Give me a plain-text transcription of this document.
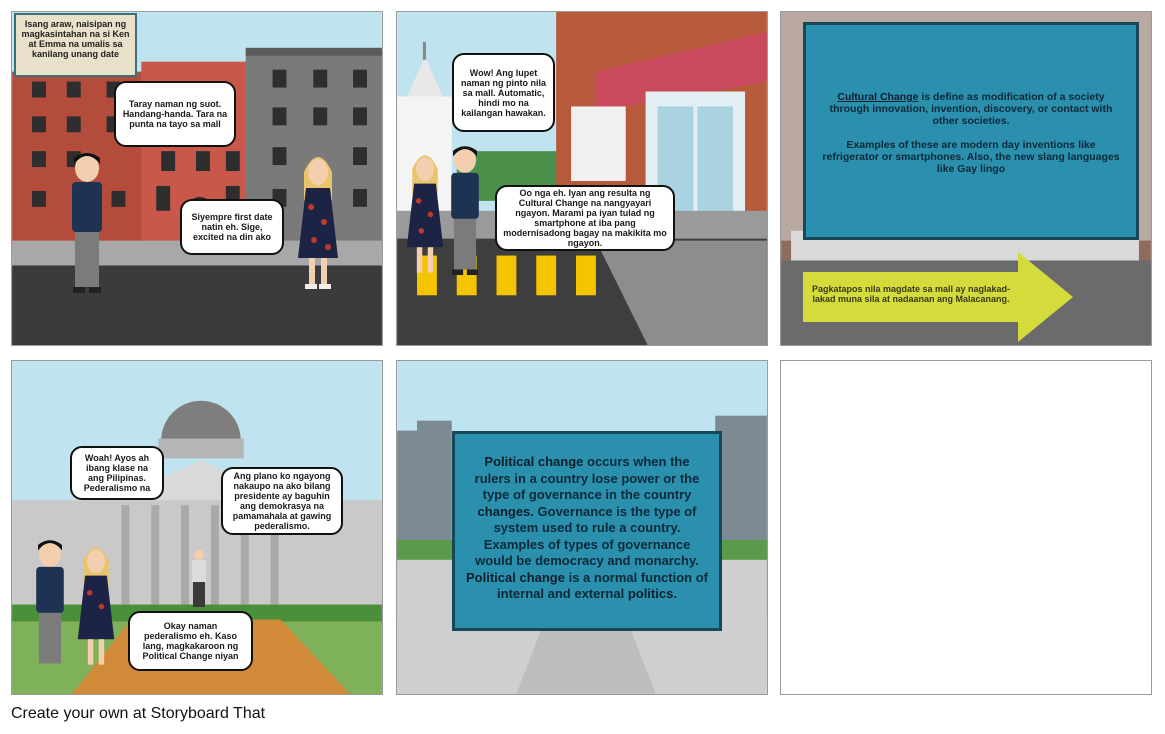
Isang araw, naisipan ng magkasintahan na si Ken at Emma na umalis sa kanilang unang date
Taray naman ng suot. Handang-handa. Tara na punta na tayo sa mall
Siyempre first date natin eh. Sige, excited na din ako
Wow! Ang lupet naman ng pinto nila sa mall. Automatic, hindi mo na kailangan hawakan.
Oo nga eh. Iyan ang resulta ng Cultural Change na nangyayari ngayon. Marami pa iyan tulad ng smartphone at iba pang modernisadong bagay na makikita mo ngayon.
Cultural Change is define as modification of a society through innovation, invention, discovery, or contact with other societies.
Examples of these are modern day inventions like refrigerator or smartphones. Also, the new slang languages like Gay lingo
Pagkatapos nila magdate sa mall ay naglakad-lakad muna sila at nadaanan ang Malacanang.
Woah! Ayos ah ibang klase na ang Pilipinas. Pederalismo na
Ang plano ko ngayong nakaupo na ako bilang presidente ay baguhin ang demokrasya na pamamahala at gawing pederalismo.
Okay naman pederalismo eh. Kaso lang, magkakaroon ng Political Change niyan
Political change occurs when the rulers in a country lose power or the type of governance in the country changes. Governance is the type of system used to rule a country. Examples of types of governance would be democracy and monarchy. Political change is a normal function of internal and external politics.
Create your own at Storyboard That
